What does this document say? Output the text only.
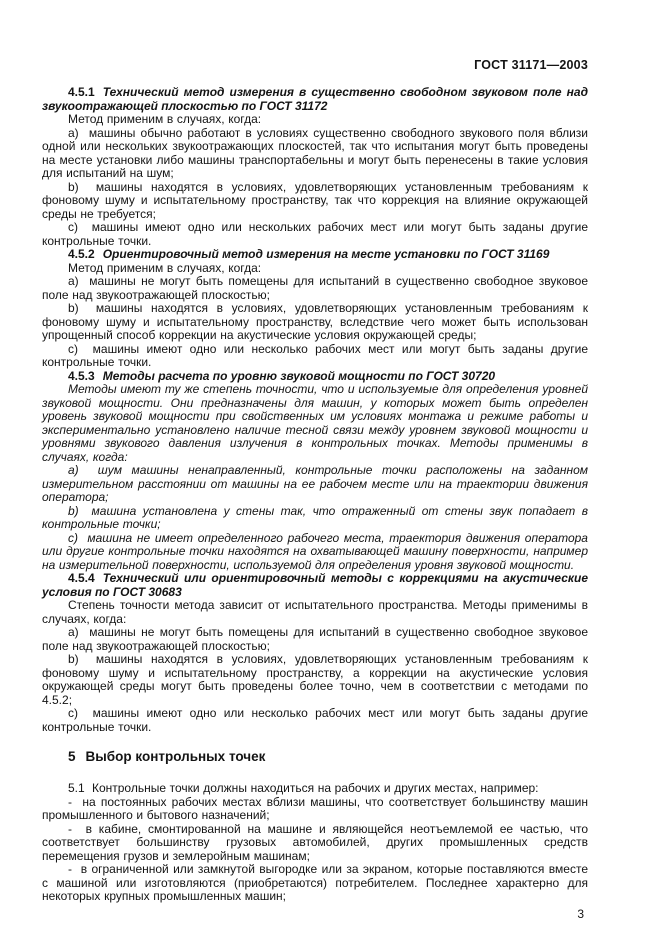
ГОСТ 31171—2003

4.5.1 Технический метод измерения в существенно свободном звуковом поле над звукоотражающей плоскостью по ГОСТ 31172

Метод применим в случаях, когда:

a)  машины обычно работают в условиях существенно свободного звукового поля вблизи одной или нескольких звукоотражающих плоскостей, так что испытания могут быть проведены на месте установки либо машины транспортабельны и могут быть перенесены в такие условия для испытаний на шум;

b)  машины находятся в условиях, удовлетворяющих установленным требованиям к фоновому шуму и испытательному пространству, так что коррекция на влияние окружающей среды не требуется;

c)  машины имеют одно или нескольких рабочих мест или могут быть заданы другие контрольные точки.

4.5.2 Ориентировочный метод измерения на месте установки по ГОСТ 31169

Метод применим в случаях, когда:

a)  машины не могут быть помещены для испытаний в существенно свободное звуковое поле над звукоотражающей плоскостью;

b)  машины находятся в условиях, удовлетворяющих установленным требованиям к фоновому шуму и испытательному пространству, вследствие чего может быть использован упрощенный способ коррекции на акустические условия окружающей среды;

c)  машины имеют одно или несколько рабочих мест или могут быть заданы другие контрольные точки.

4.5.3 Методы расчета по уровню звуковой мощности по ГОСТ 30720

Методы имеют ту же степень точности, что и используемые для определения уровней звуковой мощности. Они предназначены для машин, у которых может быть определен уровень звуковой мощности при свойственных им условиях монтажа и режиме работы и экспериментально установлено наличие тесной связи между уровнем звуковой мощности и уровнями звукового давления излучения в контрольных точках. Методы применимы в случаях, когда:

a)  шум машины ненаправленный, контрольные точки расположены на заданном измерительном расстоянии от машины на ее рабочем месте или на траектории движения оператора;

b)  машина установлена у стены так, что отраженный от стены звук попадает в контрольные точки;

c)  машина не имеет определенного рабочего места, траектория движения оператора или другие контрольные точки находятся на охватывающей машину поверхности, например на измерительной поверхности, используемой для определения уровня звуковой мощности.

4.5.4 Технический или ориентировочный методы с коррекциями на акустические условия по ГОСТ 30683

Степень точности метода зависит от испытательного пространства. Методы применимы в случаях, когда:

a)  машины не могут быть помещены для испытаний в существенно свободное звуковое поле над звукоотражающей плоскостью;

b)  машины находятся в условиях, удовлетворяющих установленным требованиям к фоновому шуму и испытательному пространству, а коррекции на акустические условия окружающей среды могут быть проведены более точно, чем в соответствии с методами по 4.5.2;

c)  машины имеют одно или несколько рабочих мест или могут быть заданы другие контрольные точки.

5 Выбор контрольных точек

5.1  Контрольные точки должны находиться на рабочих и других местах, например:

-  на постоянных рабочих местах вблизи машины, что соответствует большинству машин промышленного и бытового назначений;

-  в кабине, смонтированной на машине и являющейся неотъемлемой ее частью, что соответствует большинству грузовых автомобилей, других промышленных средств перемещения грузов и землеройным машинам;

-  в ограниченной или замкнутой выгородке или за экраном, которые поставляются вместе с машиной или изготовляются (приобретаются) потребителем. Последнее характерно для некоторых крупных промышленных машин;

3
